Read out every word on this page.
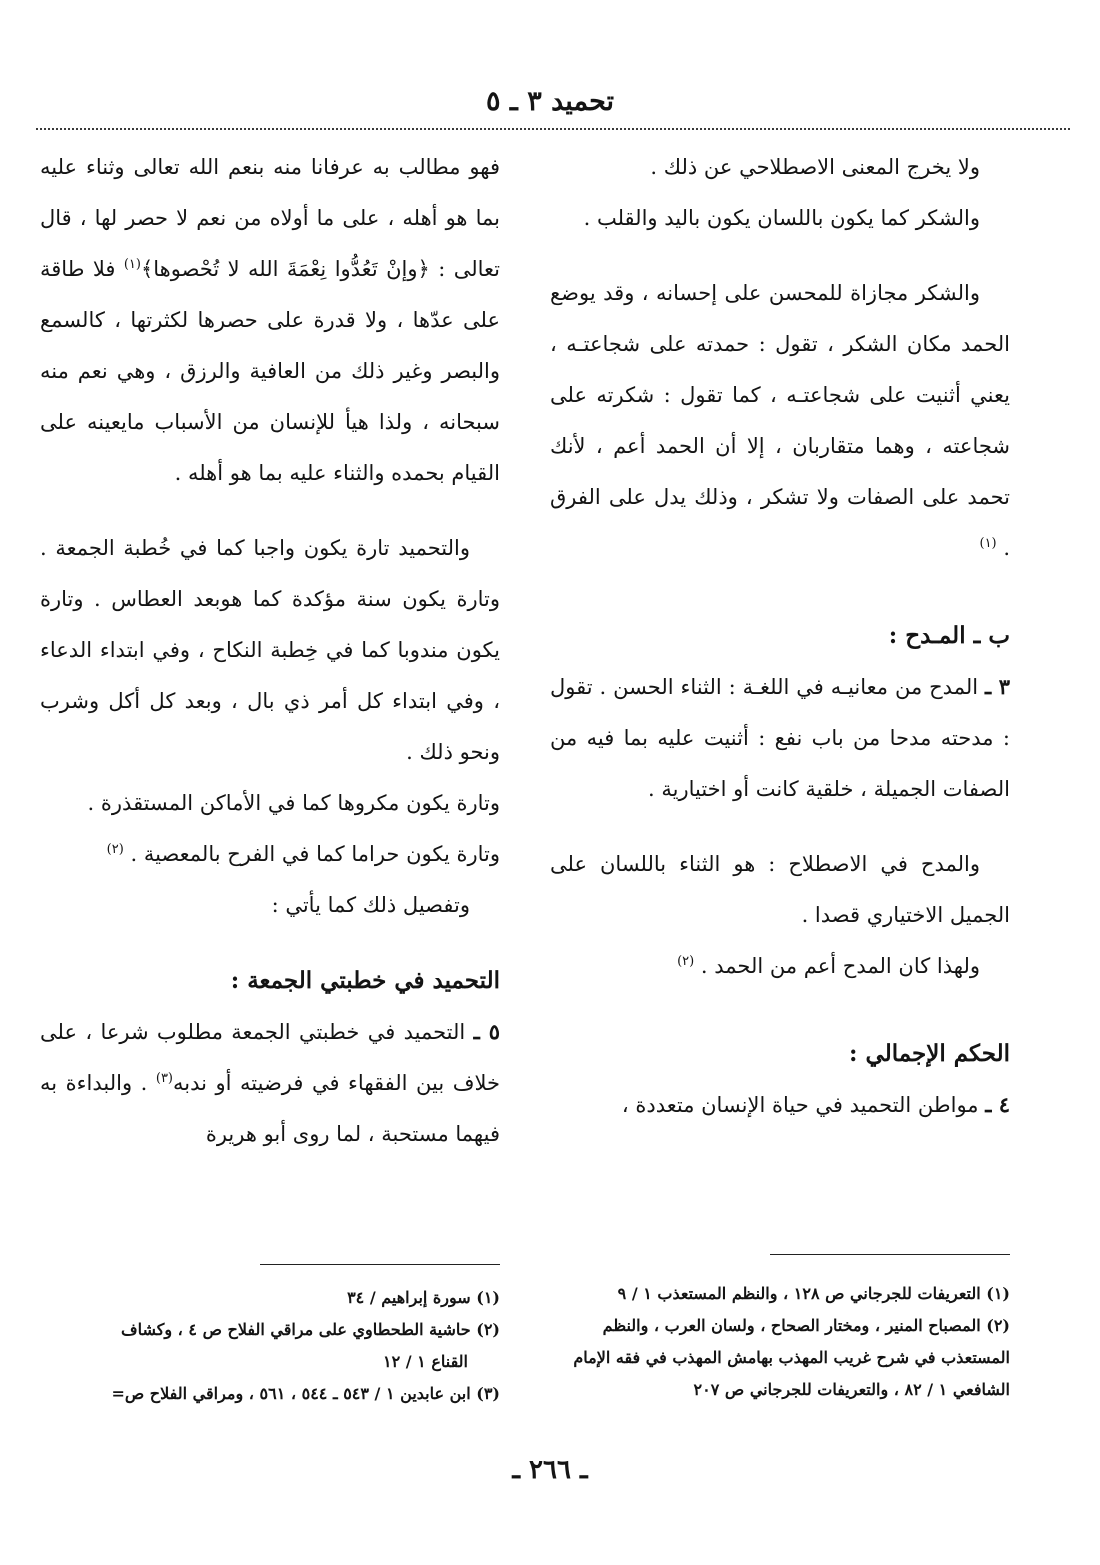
تحميد ٣ ـ ٥

ولا يخرج المعنى الاصطلاحي عن ذلك .

والشكر كما يكون باللسان يكون باليد والقلب .

والشكر مجازاة للمحسن على إحسانه ، وقد يوضع الحمد مكان الشكر ، تقول : حمدته على شجاعتـه ، يعني أثنيت على شجاعتـه ، كما تقول : شكرته على شجاعته ، وهما متقاربان ، إلا أن الحمد أعم ، لأنك تحمد على الصفات ولا تشكر ، وذلك يدل على الفرق . $^{(١)}$

ب ـ المـدح :

٣ ـ المدح من معانيـه في اللغـة : الثناء الحسن . تقول : مدحته مدحا من باب نفع : أثنيت عليه بما فيه من الصفات الجميلة ، خلقية كانت أو اختيارية .

والمدح في الاصطلاح : هو الثناء باللسان على الجميل الاختياري قصدا .

ولهذا كان المدح أعم من الحمد . $^{(٢)}$

الحكم الإجمالي :

٤ ـ مواطن التحميد في حياة الإنسان متعددة ،

فهو مطالب به عرفانا منه بنعم الله تعالى وثناء عليه بما هو أهله ، على ما أولاه من نعم لا حصر لها ، قال تعالى : ﴿وإنْ تَعُدُّوا نِعْمَةَ الله لا تُحْصوها﴾$^{(١)}$ فلا طاقة على عدّها ، ولا قدرة على حصرها لكثرتها ، كالسمع والبصر وغير ذلك من العافية والرزق ، وهي نعم منه سبحانه ، ولذا هيأ للإنسان من الأسباب مايعينه على القيام بحمده والثناء عليه بما هو أهله .

والتحميد تارة يكون واجبا كما في خُطبة الجمعة . وتارة يكون سنة مؤكدة كما هوبعد العطاس . وتارة يكون مندوبا كما في خِطبة النكاح ، وفي ابتداء الدعاء ، وفي ابتداء كل أمر ذي بال ، وبعد كل أكل وشرب ونحو ذلك .

وتارة يكون مكروها كما في الأماكن المستقذرة .

وتارة يكون حراما كما في الفرح بالمعصية . $^{(٢)}$

وتفصيل ذلك كما يأتي :

التحميد في خطبتي الجمعة :

٥ ـ التحميد في خطبتي الجمعة مطلوب شرعا ، على خلاف بين الفقهاء في فرضيته أو ندبه$^{(٣)}$ . والبداءة به فيهما مستحبة ، لما روى أبو هريرة

(١) التعريفات للجرجاني ص ١٢٨ ، والنظم المستعذب ١ / ٩

(٢) المصباح المنير ، ومختار الصحاح ، ولسان العرب ، والنظم المستعذب في شرح غريب المهذب بهامش المهذب في فقه الإمام الشافعي ١ / ٨٢ ، والتعريفات للجرجاني ص ٢٠٧

(١) سورة إبراهيم / ٣٤

(٢) حاشية الطحطاوي على مراقي الفلاح ص ٤ ، وكشاف

القناع ١ / ١٢

(٣) ابن عابدين ١ / ٥٤٣ ـ ٥٤٤ ، ٥٦١ ، ومراقي الفلاح ص=

ـ ٢٦٦ ـ
